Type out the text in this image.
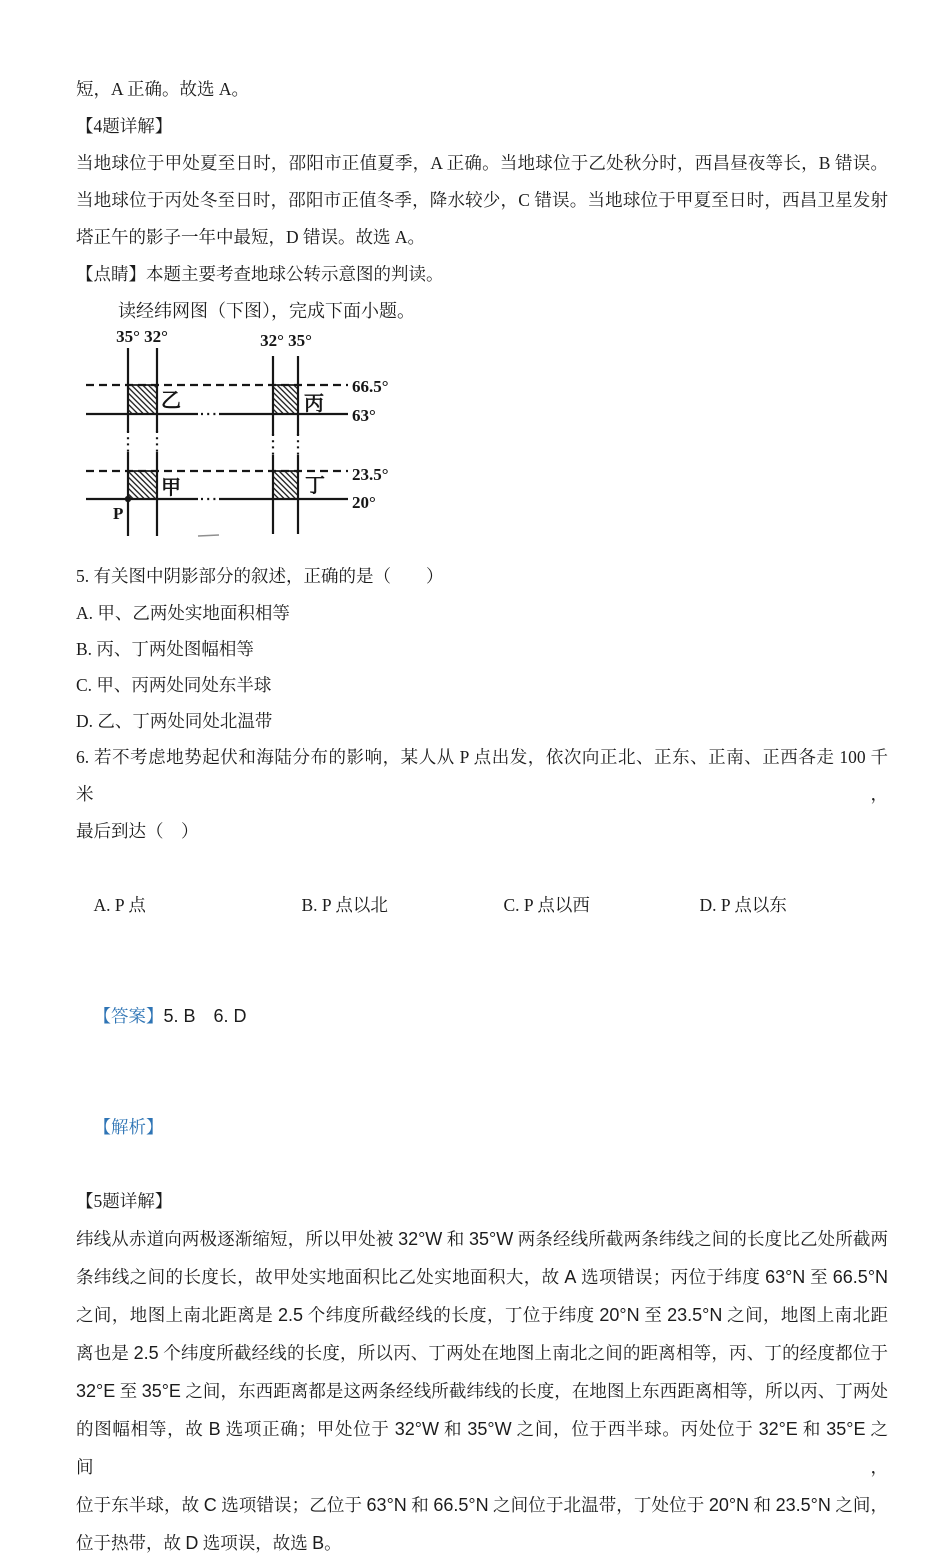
短，A 正确。故选 A。
【4题详解】
当地球位于甲处夏至日时，邵阳市正值夏季，A 正确。当地球位于乙处秋分时，西昌昼夜等长，B 错误。
当地球位于丙处冬至日时，邵阳市正值冬季，降水较少，C 错误。当地球位于甲夏至日时，西昌卫星发射
塔正午的影子一年中最短，D 错误。故选 A。
【点睛】本题主要考查地球公转示意图的判读。
读经纬网图（下图），完成下面小题。
35° 32°	32° 35°
66.5°
63°
23.5°
20°
乙	丙
甲	丁
P
5. 有关图中阴影部分的叙述，正确的是（　　）
A. 甲、乙两处实地面积相等
B. 丙、丁两处图幅相等
C. 甲、丙两处同处东半球
D. 乙、丁两处同处北温带
6. 若不考虑地势起伏和海陆分布的影响，某人从 P 点出发，依次向正北、正东、正南、正西各走 100 千米，
最后到达（　）

A. P 点	B. P 点以北	C. P 点以西	D. P 点以东

【答案】5. B　6. D

【解析】

【5题详解】
纬线从赤道向两极逐渐缩短，所以甲处被 32°W 和 35°W 两条经线所截两条纬线之间的长度比乙处所截两
条纬线之间的长度长，故甲处实地面积比乙处实地面积大，故 A 选项错误；丙位于纬度 63°N 至 66.5°N
之间，地图上南北距离是 2.5 个纬度所截经线的长度，丁位于纬度 20°N 至 23.5°N 之间，地图上南北距
离也是 2.5 个纬度所截经线的长度，所以丙、丁两处在地图上南北之间的距离相等，丙、丁的经度都位于
32°E 至 35°E 之间，东西距离都是这两条经线所截纬线的长度，在地图上东西距离相等，所以丙、丁两处
的图幅相等，故 B 选项正确；甲处位于 32°W 和 35°W 之间，位于西半球。丙处位于 32°E 和 35°E 之间，
位于东半球，故 C 选项错误；乙位于 63°N 和 66.5°N 之间位于北温带，丁处位于 20°N 和 23.5°N 之间，
位于热带，故 D 选项误，故选 B。
